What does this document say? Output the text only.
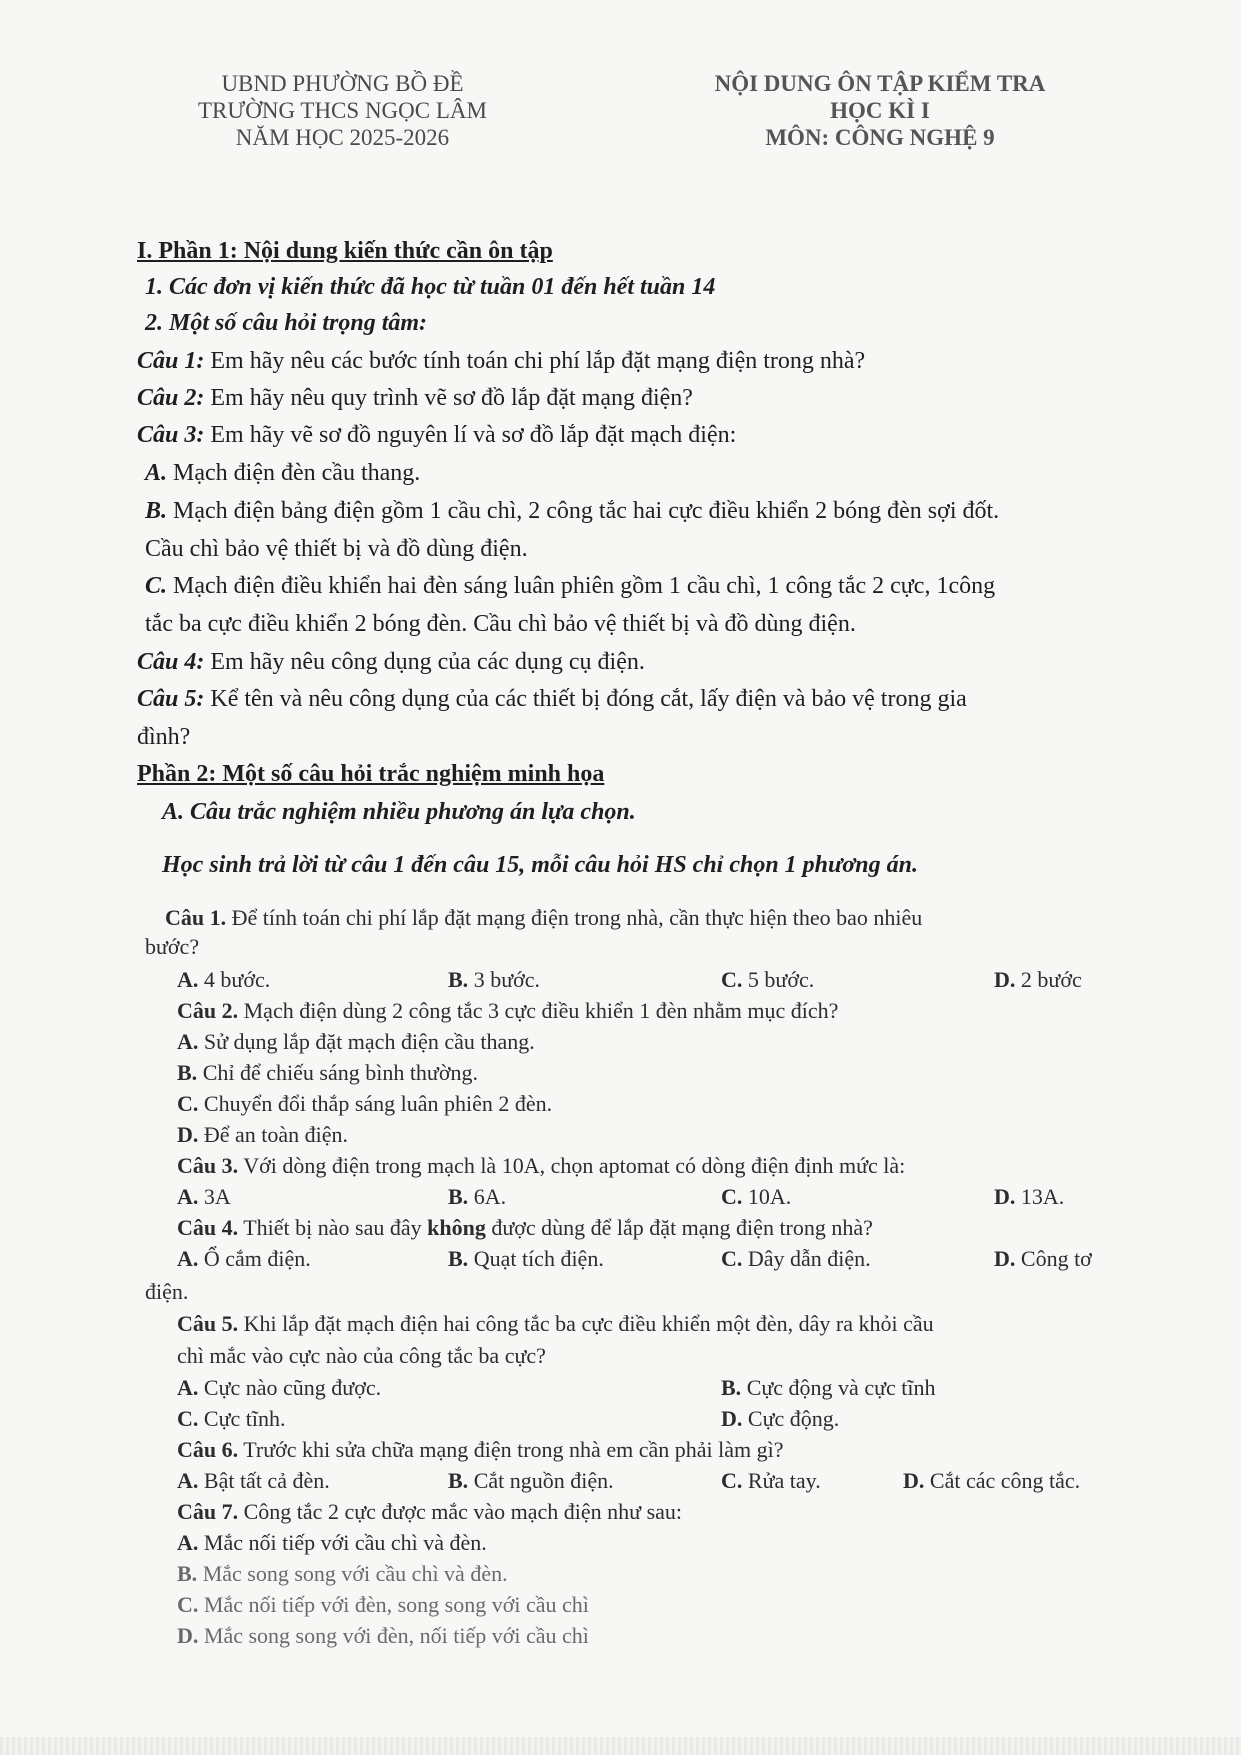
UBND PHƯỜNG BỒ ĐỀ
TRƯỜNG THCS NGỌC LÂM
NĂM HỌC 2025-2026
NỘI DUNG ÔN TẬP KIỂM TRA
HỌC KÌ I
MÔN: CÔNG NGHỆ 9
I. Phần 1: Nội dung kiến thức cần ôn tập
1. Các đơn vị kiến thức đã học từ tuần 01 đến hết tuần 14
2. Một số câu hỏi trọng tâm:
Câu 1: Em hãy nêu các bước tính toán chi phí lắp đặt mạng điện trong nhà?
Câu 2: Em hãy nêu quy trình vẽ sơ đồ lắp đặt mạng điện?
Câu 3: Em hãy vẽ sơ đồ nguyên lí và sơ đồ lắp đặt mạch điện:
A. Mạch điện đèn cầu thang.
B. Mạch điện bảng điện gồm 1 cầu chì, 2 công tắc hai cực điều khiển 2 bóng đèn sợi đốt.
Cầu chì bảo vệ thiết bị và đồ dùng điện.
C. Mạch điện điều khiển hai đèn sáng luân phiên gồm 1 cầu chì, 1 công tắc 2 cực, 1công
tắc ba cực điều khiển 2 bóng đèn. Cầu chì bảo vệ thiết bị và đồ dùng điện.
Câu 4: Em hãy nêu công dụng của các dụng cụ điện.
Câu 5: Kể tên và nêu công dụng của các thiết bị đóng cắt, lấy điện và bảo vệ trong gia
đình?
Phần 2: Một số câu hỏi trắc nghiệm minh họa
A. Câu trắc nghiệm nhiều phương án lựa chọn.
Học sinh trả lời từ câu 1 đến câu 15, mỗi câu hỏi HS chỉ chọn 1 phương án.
Câu 1. Để tính toán chi phí lắp đặt mạng điện trong nhà, cần thực hiện theo bao nhiêu
bước?
A. 4 bước.	B. 3 bước.	C. 5 bước.	D. 2 bước
Câu 2. Mạch điện dùng 2 công tắc 3 cực điều khiển 1 đèn nhằm mục đích?
A. Sử dụng lắp đặt mạch điện cầu thang.
B. Chỉ để chiếu sáng bình thường.
C. Chuyển đổi thắp sáng luân phiên 2 đèn.
D. Để an toàn điện.
Câu 3. Với dòng điện trong mạch là 10A, chọn aptomat có dòng điện định mức là:
A. 3A	B. 6A.	C. 10A.	D. 13A.
Câu 4. Thiết bị nào sau đây không được dùng để lắp đặt mạng điện trong nhà?
A. Ổ cắm điện.	B. Quạt tích điện.	C. Dây dẫn điện.	D. Công tơ
điện.
Câu 5. Khi lắp đặt mạch điện hai công tắc ba cực điều khiển một đèn, dây ra khỏi cầu
chì mắc vào cực nào của công tắc ba cực?
A. Cực nào cũng được.	B. Cực động và cực tĩnh
C. Cực tĩnh.	D. Cực động.
Câu 6. Trước khi sửa chữa mạng điện trong nhà em cần phải làm gì?
A. Bật tất cả đèn.	B. Cắt nguồn điện.	C. Rửa tay.	D. Cắt các công tắc.
Câu 7. Công tắc 2 cực được mắc vào mạch điện như sau:
A. Mắc nối tiếp với cầu chì và đèn.
B. Mắc song song với cầu chì và đèn.
C. Mắc nối tiếp với đèn, song song với cầu chì
D. Mắc song song với đèn, nối tiếp với cầu chì
